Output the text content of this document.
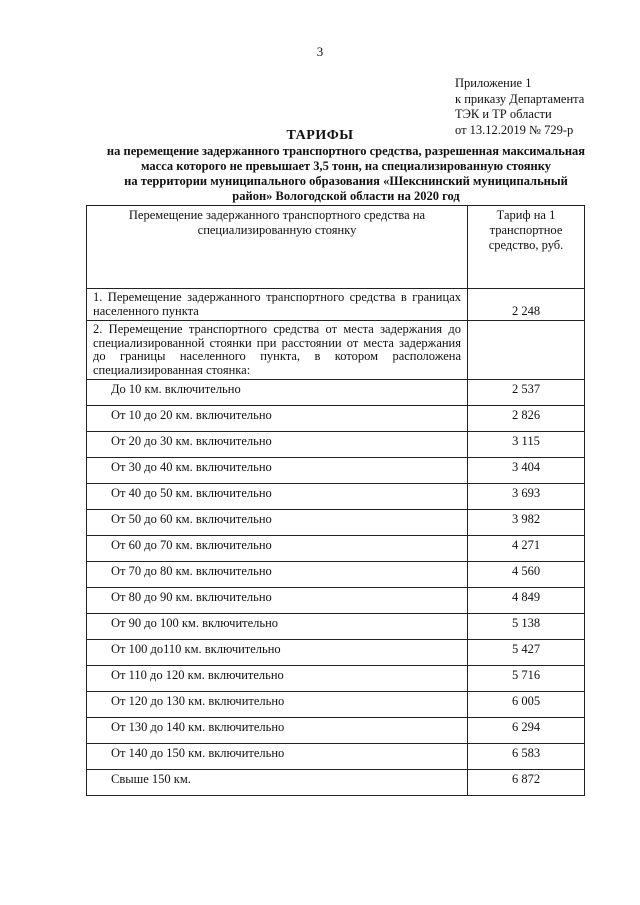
3
Приложение 1
к приказу Департамента
ТЭК и ТР области
от 13.12.2019 № 729-р
ТАРИФЫ
на перемещение задержанного транспортного средства, разрешенная максимальная
масса которого не превышает 3,5 тонн, на специализированную стоянку
на территории муниципального образования «Шекснинский муниципальный
район» Вологодской области на 2020 год
Перемещение задержанного транспортного средства на специализированную стоянку	Тариф на 1 транспортное средство, руб.
1. Перемещение задержанного транспортного средства в границах населенного пункта	2 248
2. Перемещение транспортного средства от места задержания до специализированной стоянки при расстоянии от места задержания до границы населенного пункта, в котором расположена специализированная стоянка:	
До 10 км. включительно	2 537
От 10 до 20 км. включительно	2 826
От 20 до 30 км. включительно	3 115
От 30 до 40 км. включительно	3 404
От 40 до 50 км. включительно	3 693
От 50 до 60 км. включительно	3 982
От 60 до 70 км. включительно	4 271
От 70 до 80 км. включительно	4 560
От 80 до 90 км. включительно	4 849
От 90 до 100 км. включительно	5 138
От 100 до110 км. включительно	5 427
От 110 до 120 км. включительно	5 716
От 120 до 130 км. включительно	6 005
От 130 до 140 км. включительно	6 294
От 140 до 150 км. включительно	6 583
Свыше 150 км.	6 872
